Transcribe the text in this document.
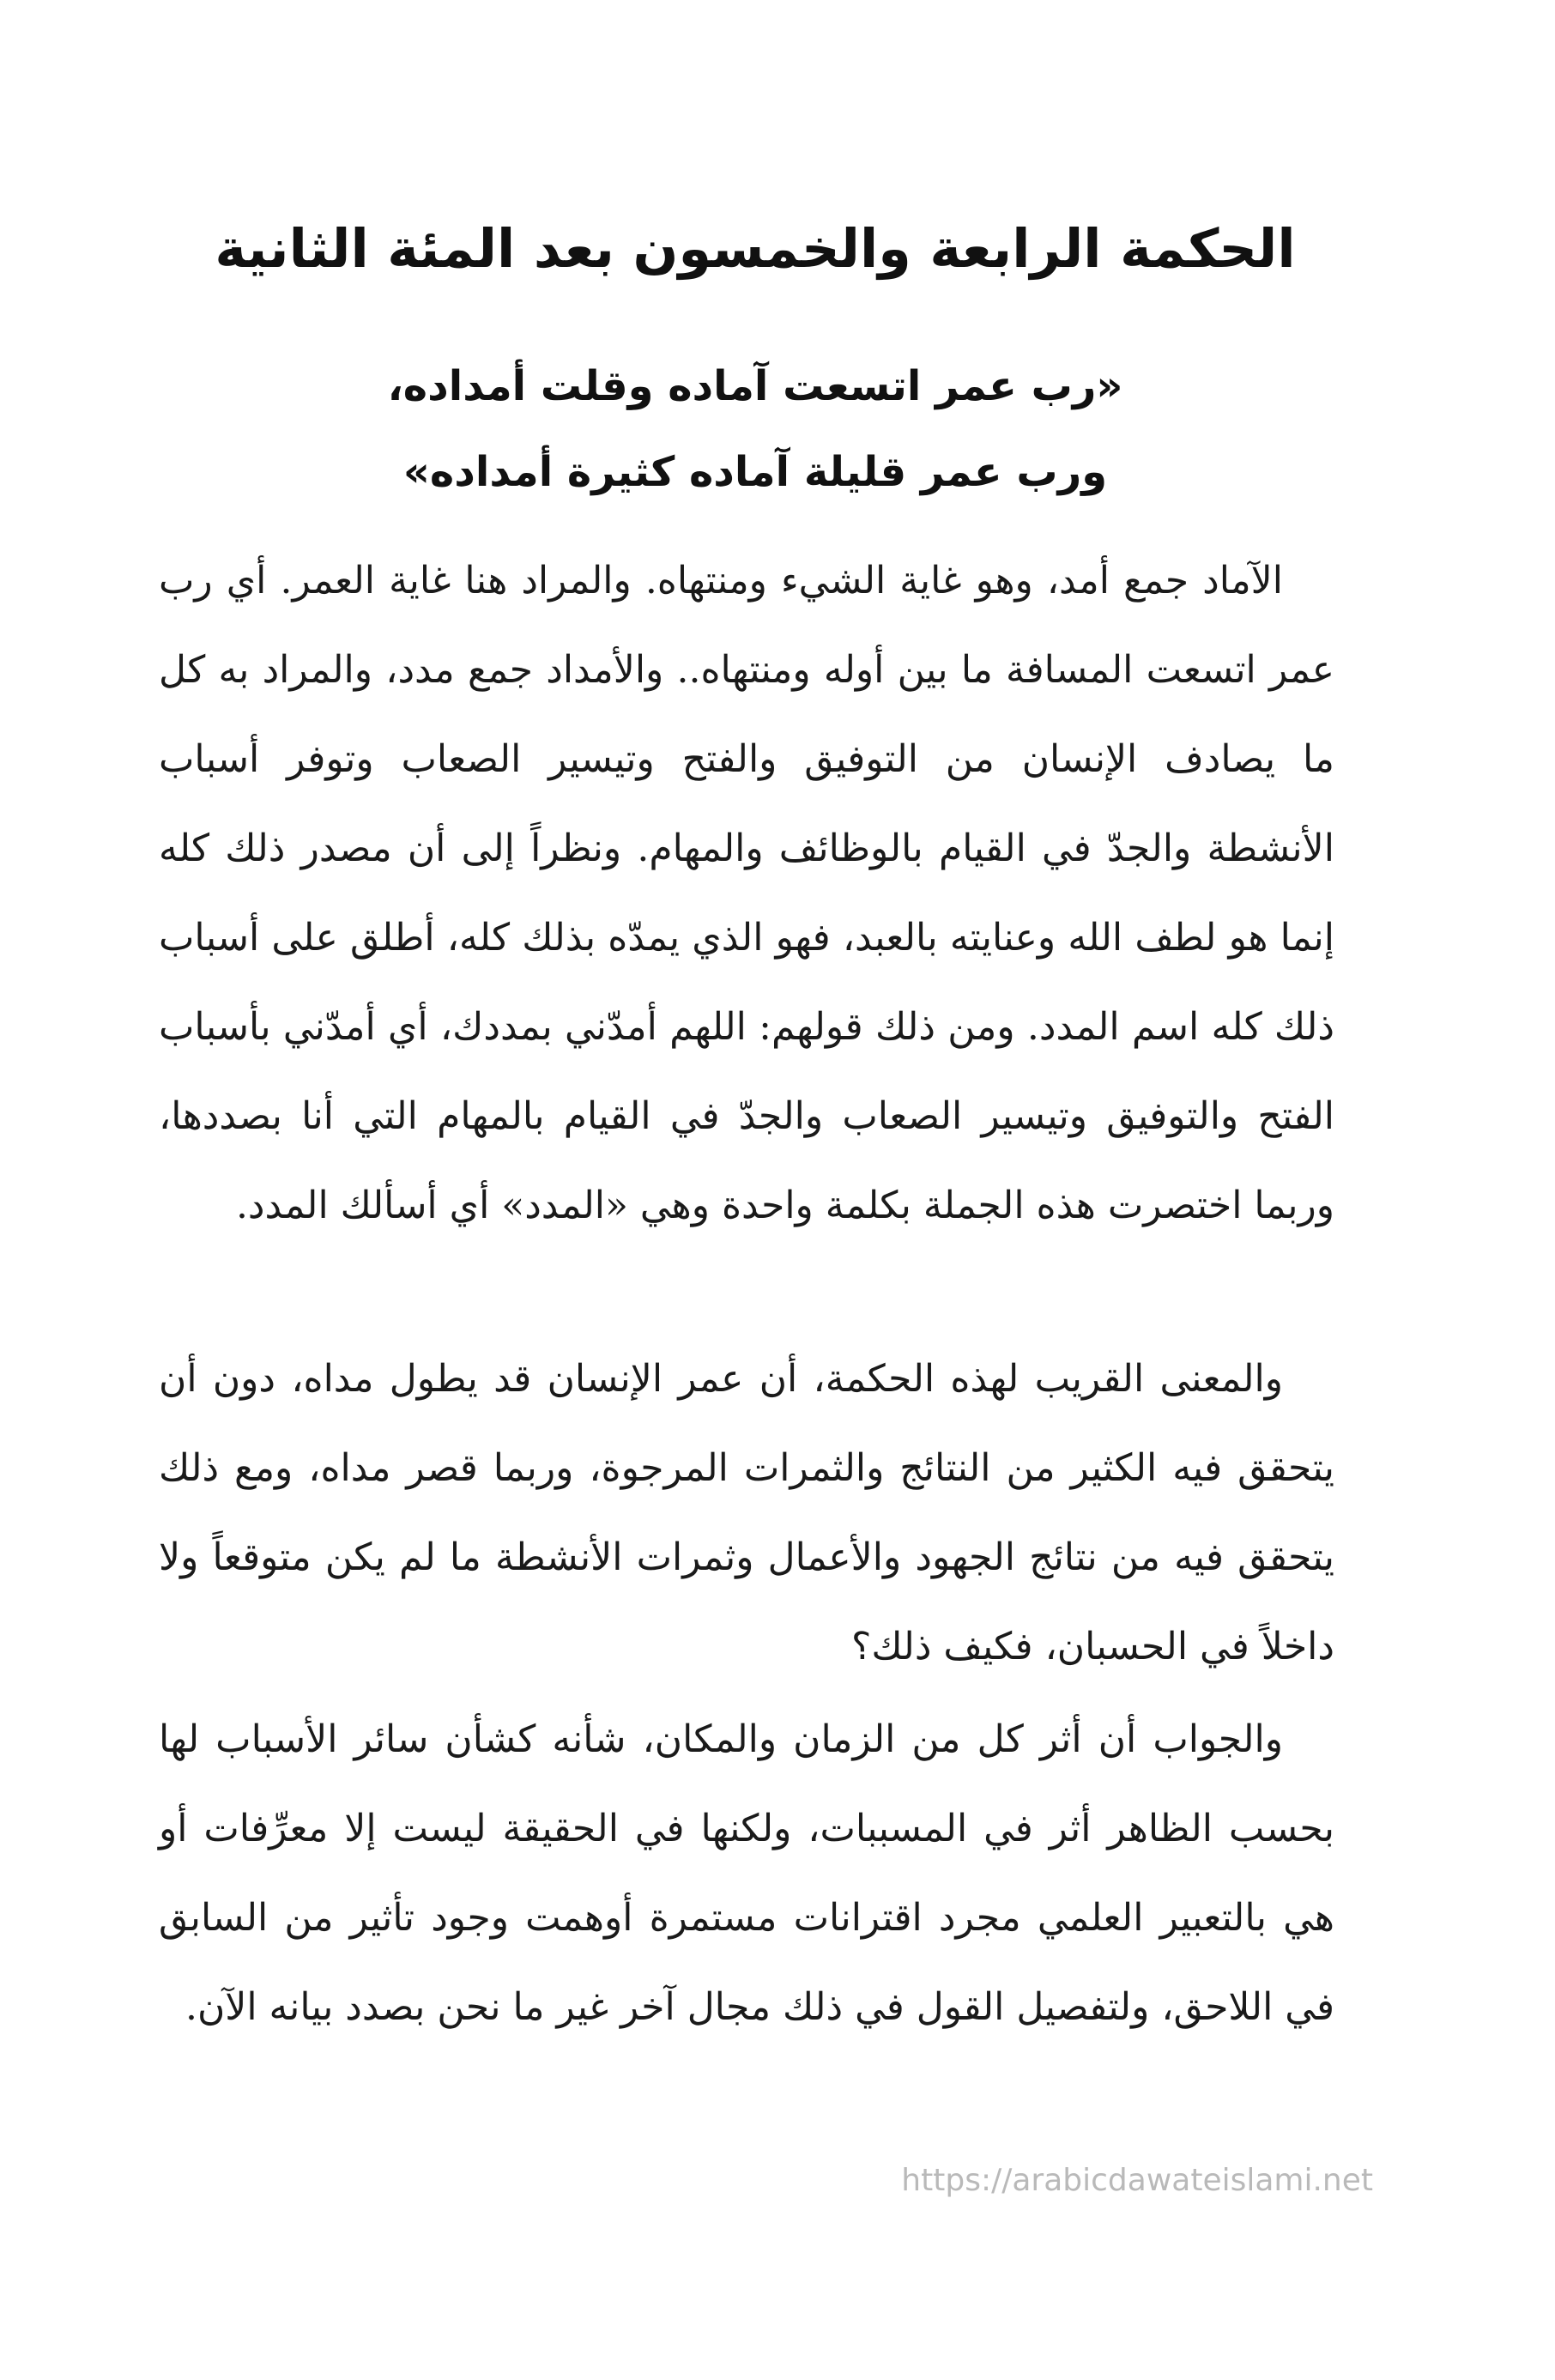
الحكمة الرابعة والخمسون بعد المئة الثانية
«رب عمر اتسعت آماده وقلت أمداده،
ورب عمر قليلة آماده كثيرة أمداده»

الآماد جمع أمد، وهو غاية الشيء ومنتهاه. والمراد هنا غاية العمر. أي رب عمر اتسعت المسافة ما بين أوله ومنتهاه.. والأمداد جمع مدد، والمراد به كل ما يصادف الإنسان من التوفيق والفتح وتيسير الصعاب وتوفر أسباب الأنشطة والجدّ في القيام بالوظائف والمهام. ونظراً إلى أن مصدر ذلك كله إنما هو لطف الله وعنايته بالعبد، فهو الذي يمدّه بذلك كله، أطلق على أسباب ذلك كله اسم المدد. ومن ذلك قولهم: اللهم أمدّني بمددك، أي أمدّني بأسباب الفتح والتوفيق وتيسير الصعاب والجدّ في القيام بالمهام التي أنا بصددها، وربما اختصرت هذه الجملة بكلمة واحدة وهي «المدد» أي أسألك المدد.

والمعنى القريب لهذه الحكمة، أن عمر الإنسان قد يطول مداه، دون أن يتحقق فيه الكثير من النتائج والثمرات المرجوة، وربما قصر مداه، ومع ذلك يتحقق فيه من نتائج الجهود والأعمال وثمرات الأنشطة ما لم يكن متوقعاً ولا داخلاً في الحسبان، فكيف ذلك؟

والجواب أن أثر كل من الزمان والمكان، شأنه كشأن سائر الأسباب لها بحسب الظاهر أثر في المسببات، ولكنها في الحقيقة ليست إلا معرِّفات أو هي بالتعبير العلمي مجرد اقترانات مستمرة أوهمت وجود تأثير من السابق في اللاحق، ولتفصيل القول في ذلك مجال آخر غير ما نحن بصدد بيانه الآن.

https://arabicdawateislami.net
